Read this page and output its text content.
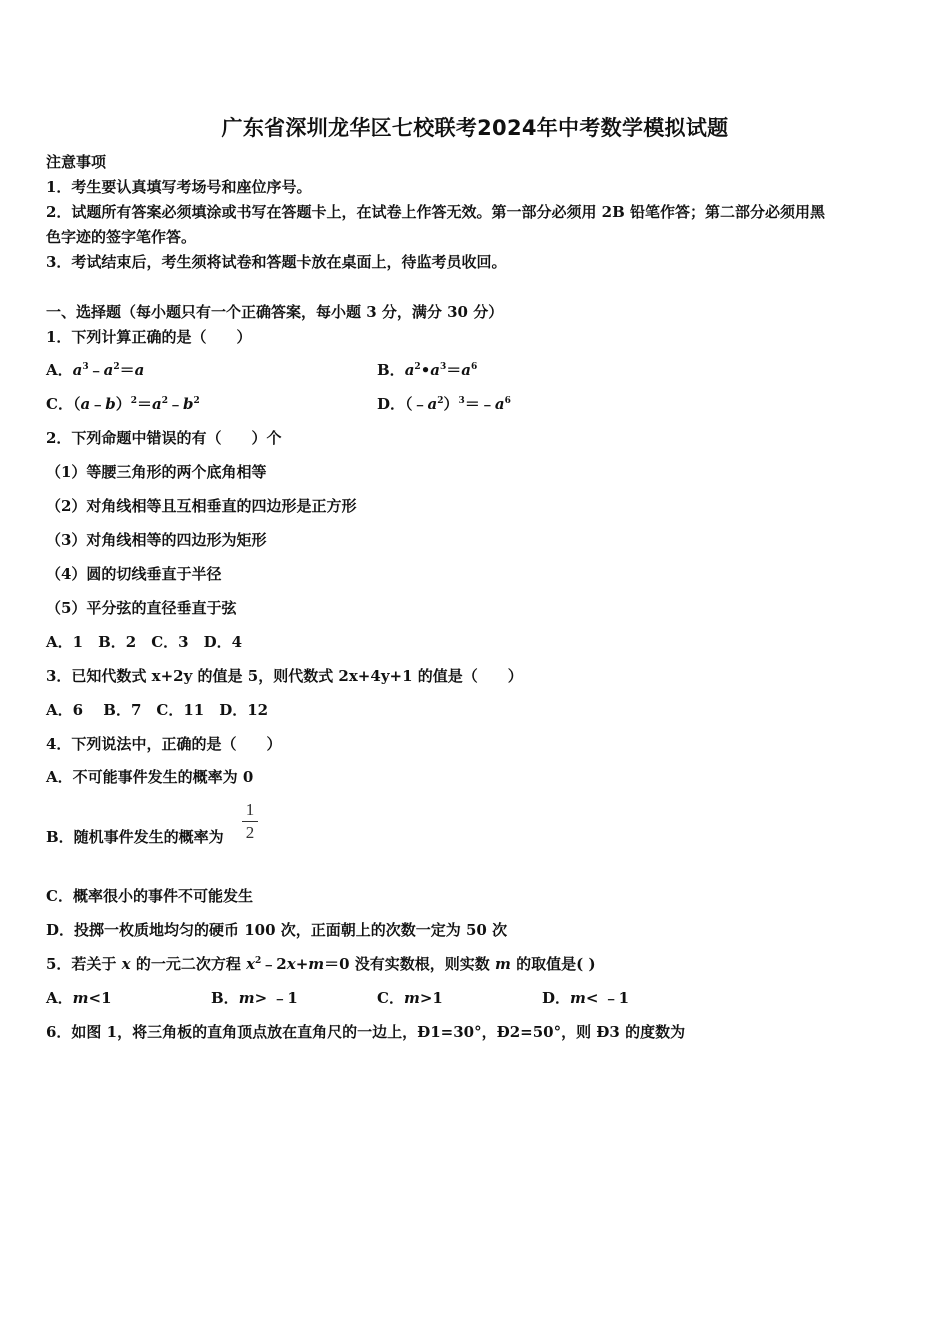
广东省深圳龙华区七校联考2024年中考数学模拟试题
注意事项
1．考生要认真填写考场号和座位序号。
2．试题所有答案必须填涂或书写在答题卡上，在试卷上作答无效。第一部分必须用 2B 铅笔作答；第二部分必须用黑
色字迹的签字笔作答。
3．考试结束后，考生须将试卷和答题卡放在桌面上，待监考员收回。
一、选择题（每小题只有一个正确答案，每小题 3 分，满分 30 分）
1．下列计算正确的是（　　）
A．$a^3﹣a^2=a$	B．$a^2•a^3=a^6$
C．$(a﹣b)^2=a^2﹣b^2$	D．$(﹣a^2)^3=﹣a^6$
2．下列命题中错误的有（　　）个
（1）等腰三角形的两个底角相等
（2）对角线相等且互相垂直的四边形是正方形
（3）对角线相等的四边形为矩形
（4）圆的切线垂直于半径
（5）平分弦的直径垂直于弦
A．1　B．2　C．3　D．4
3．已知代数式 x+2y 的值是 5，则代数式 2x+4y+1 的值是（　　）
A．6　 B．7　C．11　D．12
4．下列说法中，正确的是（　　）
A．不可能事件发生的概率为 0
B．随机事件发生的概率为
1
2
C．概率很小的事件不可能发生
D．投掷一枚质地均匀的硬币 100 次，正面朝上的次数一定为 50 次
5．若关于 x 的一元二次方程 $x^2﹣2x+m=0$ 没有实数根，则实数 m 的取值是( )
A．m<1	B．m> ﹣1	C．m>1	D．m< ﹣1
6．如图 1，将三角板的直角顶点放在直角尺的一边上，Ð1=30°，Ð2=50°，则 Ð3 的度数为
